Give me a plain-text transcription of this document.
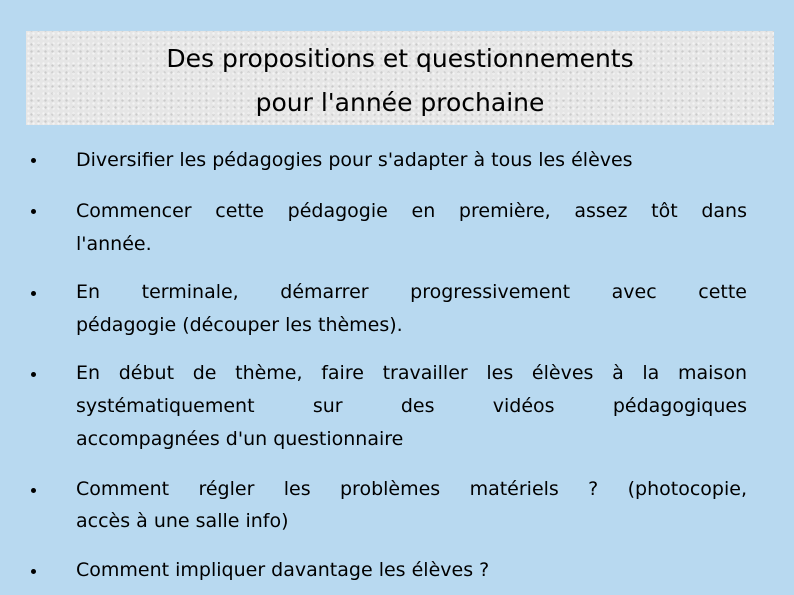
Des propositions et questionnements
pour l'année prochaine
Diversifier les pédagogies pour s'adapter à tous les élèves
Commencer cette pédagogie en première, assez tôt dans
l'année.
En terminale, démarrer progressivement avec cette
pédagogie (découper les thèmes).
En début de thème, faire travailler les élèves à la maison
systématiquement sur des vidéos pédagogiques
accompagnées d'un questionnaire
Comment régler les problèmes matériels ? (photocopie,
accès à une salle info)
Comment impliquer davantage les élèves ?
